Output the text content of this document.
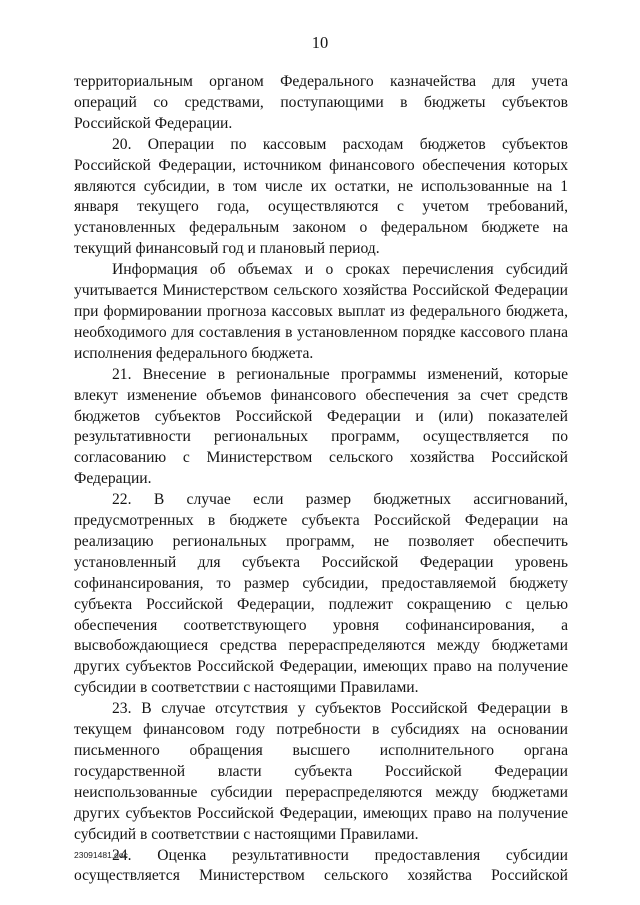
10

территориальным органом Федерального казначейства для учета операций со средствами, поступающими в бюджеты субъектов Российской Федерации.

20. Операции по кассовым расходам бюджетов субъектов Российской Федерации, источником финансового обеспечения которых являются субсидии, в том числе их остатки, не использованные на 1 января текущего года, осуществляются с учетом требований, установленных федеральным законом о федеральном бюджете на текущий финансовый год и плановый период.

Информация об объемах и о сроках перечисления субсидий учитывается Министерством сельского хозяйства Российской Федерации при формировании прогноза кассовых выплат из федерального бюджета, необходимого для составления в установленном порядке кассового плана исполнения федерального бюджета.

21. Внесение в региональные программы изменений, которые влекут изменение объемов финансового обеспечения за счет средств бюджетов субъектов Российской Федерации и (или) показателей результативности региональных программ, осуществляется по согласованию с Министерством сельского хозяйства Российской Федерации.

22. В случае если размер бюджетных ассигнований, предусмотренных в бюджете субъекта Российской Федерации на реализацию региональных программ, не позволяет обеспечить установленный для субъекта Российской Федерации уровень софинансирования, то размер субсидии, предоставляемой бюджету субъекта Российской Федерации, подлежит сокращению с целью обеспечения соответствующего уровня софинансирования, а высвобождающиеся средства перераспределяются между бюджетами других субъектов Российской Федерации, имеющих право на получение субсидии в соответствии с настоящими Правилами.

23. В случае отсутствия у субъектов Российской Федерации в текущем финансовом году потребности в субсидиях на основании письменного обращения высшего исполнительного органа государственной власти субъекта Российской Федерации неиспользованные субсидии перераспределяются между бюджетами других субъектов Российской Федерации, имеющих право на получение субсидий в соответствии с настоящими Правилами.

24. Оценка результативности предоставления субсидии осуществляется Министерством сельского хозяйства Российской

23091481.doc
